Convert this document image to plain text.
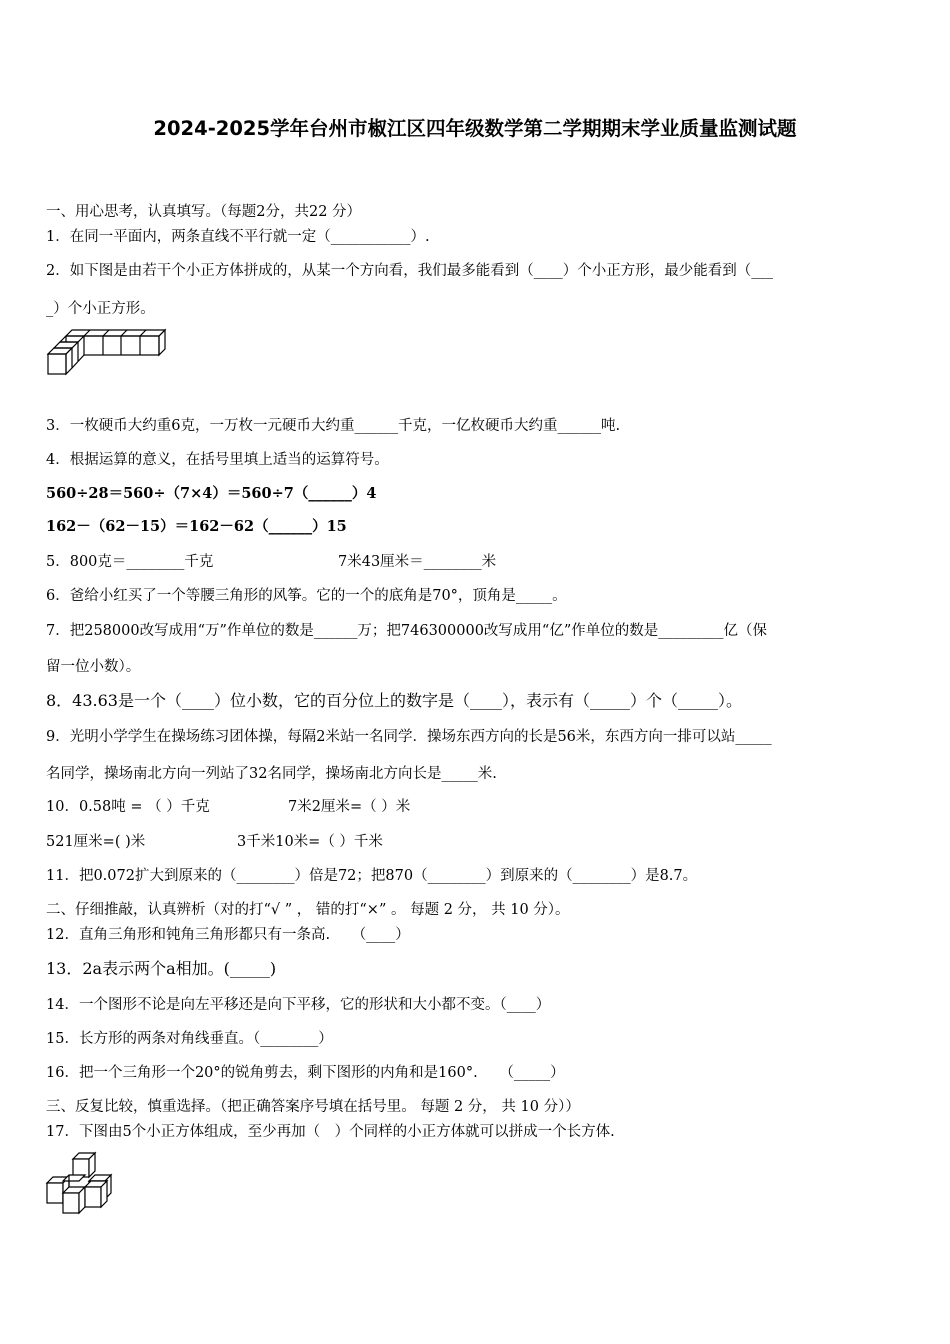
2024-2025学年台州市椒江区四年级数学第二学期期末学业质量监测试题
一、用心思考，认真填写。（每题2分，共22 分）
1．在同一平面内，两条直线不平行就一定（___________）.
2．如下图是由若干个小正方体拼成的，从某一个方向看，我们最多能看到（____）个小正方形，最少能看到（___
_）个小正方形。
3．一枚硬币大约重6克，一万枚一元硬币大约重______千克，一亿枚硬币大约重______吨.
4．根据运算的意义，在括号里填上适当的运算符号。
560÷28＝560÷（7×4）＝560÷7（______）4
162－（62－15）＝162－62（______）15
5．800克＝________千克	7米43厘米＝________米
6．爸给小红买了一个等腰三角形的风筝。它的一个的底角是70°，顶角是_____。
7．把258000改写成用“万”作单位的数是______万；把746300000改写成用“亿”作单位的数是_________亿（保
留一位小数）。
8．43.63是一个（____）位小数，它的百分位上的数字是（____），表示有（_____）个（_____）。
9．光明小学学生在操场练习团体操，每隔2米站一名同学．操场东西方向的长是56米，东西方向一排可以站_____
名同学，操场南北方向一列站了32名同学，操场南北方向长是_____米.
10．0.58吨 = （ ）千克	7米2厘米=（ ）米
521厘米=( )米	3千米10米=（ ）千米
11．把0.072扩大到原来的（________）倍是72；把870（________）到原来的（________）是8.7。
二、仔细推敲，认真辨析（对的打“√ ” ， 错的打“×” 。 每题 2 分， 共 10 分）。
12．直角三角形和钝角三角形都只有一条高.　　（____）
13．2a表示两个a相加。(_____)
14．一个图形不论是向左平移还是向下平移，它的形状和大小都不变。（____）
15．长方形的两条对角线垂直。（________）
16．把一个三角形一个20°的锐角剪去，剩下图形的内角和是160°.　　（_____）
三、反复比较，慎重选择。（把正确答案序号填在括号里。 每题 2 分， 共 10 分））
17．下图由5个小正方体组成，至少再加（　）个同样的小正方体就可以拼成一个长方体.
